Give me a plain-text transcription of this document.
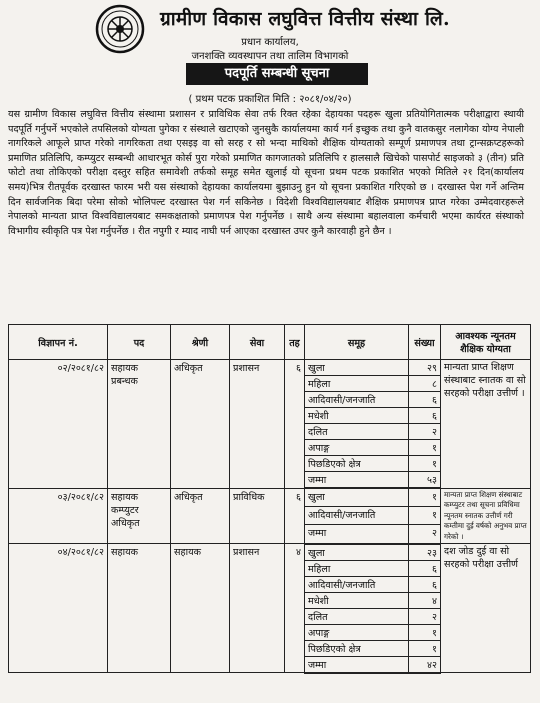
ग्रामीण विकास लघुवित्त वित्तीय संस्था लि.
प्रधान कार्यालय,
जनशक्ति व्यवस्थापन तथा तालिम विभागको
पदपूर्ति सम्बन्धी सूचना
( प्रथम पटक प्रकाशित मिति : २०८१/०४/२०)

यस ग्रामीण विकास लघुवित्त वित्तीय संस्थामा प्रशासन र प्राविधिक सेवा तर्फ रिक्त रहेका देहायका पदहरू खुला प्रतियोगितात्मक परीक्षाद्वारा स्थायी पदपूर्ति गर्नुपर्ने भएकोले तपसिलको योग्यता पुगेका र संस्थाले खटाएको जुनसुकै कार्यालयमा कार्य गर्न इच्छुक तथा कुनै वातकसुर नलागेका योग्य नेपाली नागरिकले आफूले प्राप्त गरेको नागरिकता तथा एसइइ वा सो सरह र सो भन्दा माथिको शैक्षिक योग्यताको सम्पूर्ण प्रमाणपत्र तथा ट्रान्सक्रप्टहरूको प्रमाणित प्रतिलिपि, कम्प्युटर सम्बन्धी आधारभूत कोर्स पुरा गरेको प्रमाणित कागजातको प्रतिलिपि र हालसालै खिचेको पासपोर्ट साइजको ३ (तीन) प्रति फोटो तथा तोकिएको परीक्षा दस्तुर सहित समावेशी तर्फको समूह समेत खुलाई यो सूचना प्रथम पटक प्रकाशित भएको मितिले २१ दिन(कार्यालय समय)भित्र रीतपूर्वक दरखास्त फारम भरी यस संस्थाको देहायका कार्यालयमा बुझाउनु हुन यो सूचना प्रकाशित गरिएको छ । दरखास्त पेश गर्ने अन्तिम दिन सार्वजनिक बिदा परेमा सोको भोलिपल्ट दरखास्त पेश गर्न सकिनेछ । विदेशी विश्वविद्यालयबाट शैक्षिक प्रमाणपत्र प्राप्त गरेका उम्मेदवारहरूले नेपालको मान्यता प्राप्त विश्वविद्यालयबाट समकक्षताको प्रमाणपत्र पेश गर्नुपर्नेछ । साथै अन्य संस्थामा बहालवाला कर्मचारी भएमा कार्यरत संस्थाको विभागीय स्वीकृति पत्र पेश गर्नुपर्नेछ । रीत नपुगी र म्याद नाघी पर्न आएका दरखास्त उपर कुनै कारवाही हुने छैन ।

विज्ञापन नं.	पद	श्रेणी	सेवा	तह	समूह	संख्या	आवश्यक न्यूनतम शैक्षिक योग्यता
०२/२०८१/८२	सहायक प्रबन्धक	अधिकृत	प्रशासन	६	खुला	२९	मान्यता प्राप्त शिक्षण संस्थाबाट स्नातक वा सो सरहको परीक्षा उत्तीर्ण ।
					महिला	८	
					आदिवासी/जनजाति	६	
					मधेशी	६	
					दलित	२	
					अपाङ्ग	१	
					पिछडिएको क्षेत्र	१	
					जम्मा	५३	
०३/२०८१/८२	सहायक कम्प्युटर अधिकृत	अधिकृत	प्राविधिक	६	खुला	१	मान्यता प्राप्त शिक्षण संस्थाबाट कम्प्युटर तथा सूचना प्रविधिमा न्यूनतम स्नातक उत्तीर्ण गरी कम्तीमा दुई वर्षको अनुभव प्राप्त गरेको ।
					आदिवासी/जनजाति	१	
					जम्मा	२	
०४/२०८१/८२	सहायक	सहायक	प्रशासन	४	खुला	२३	दश जोड दुई वा सो सरहको परीक्षा उत्तीर्ण
					महिला	६	
					आदिवासी/जनजाति	६	
					मधेशी	४	
					दलित	२	
					अपाङ्ग	१	
					पिछडिएको क्षेत्र	१	
					जम्मा	४२	
